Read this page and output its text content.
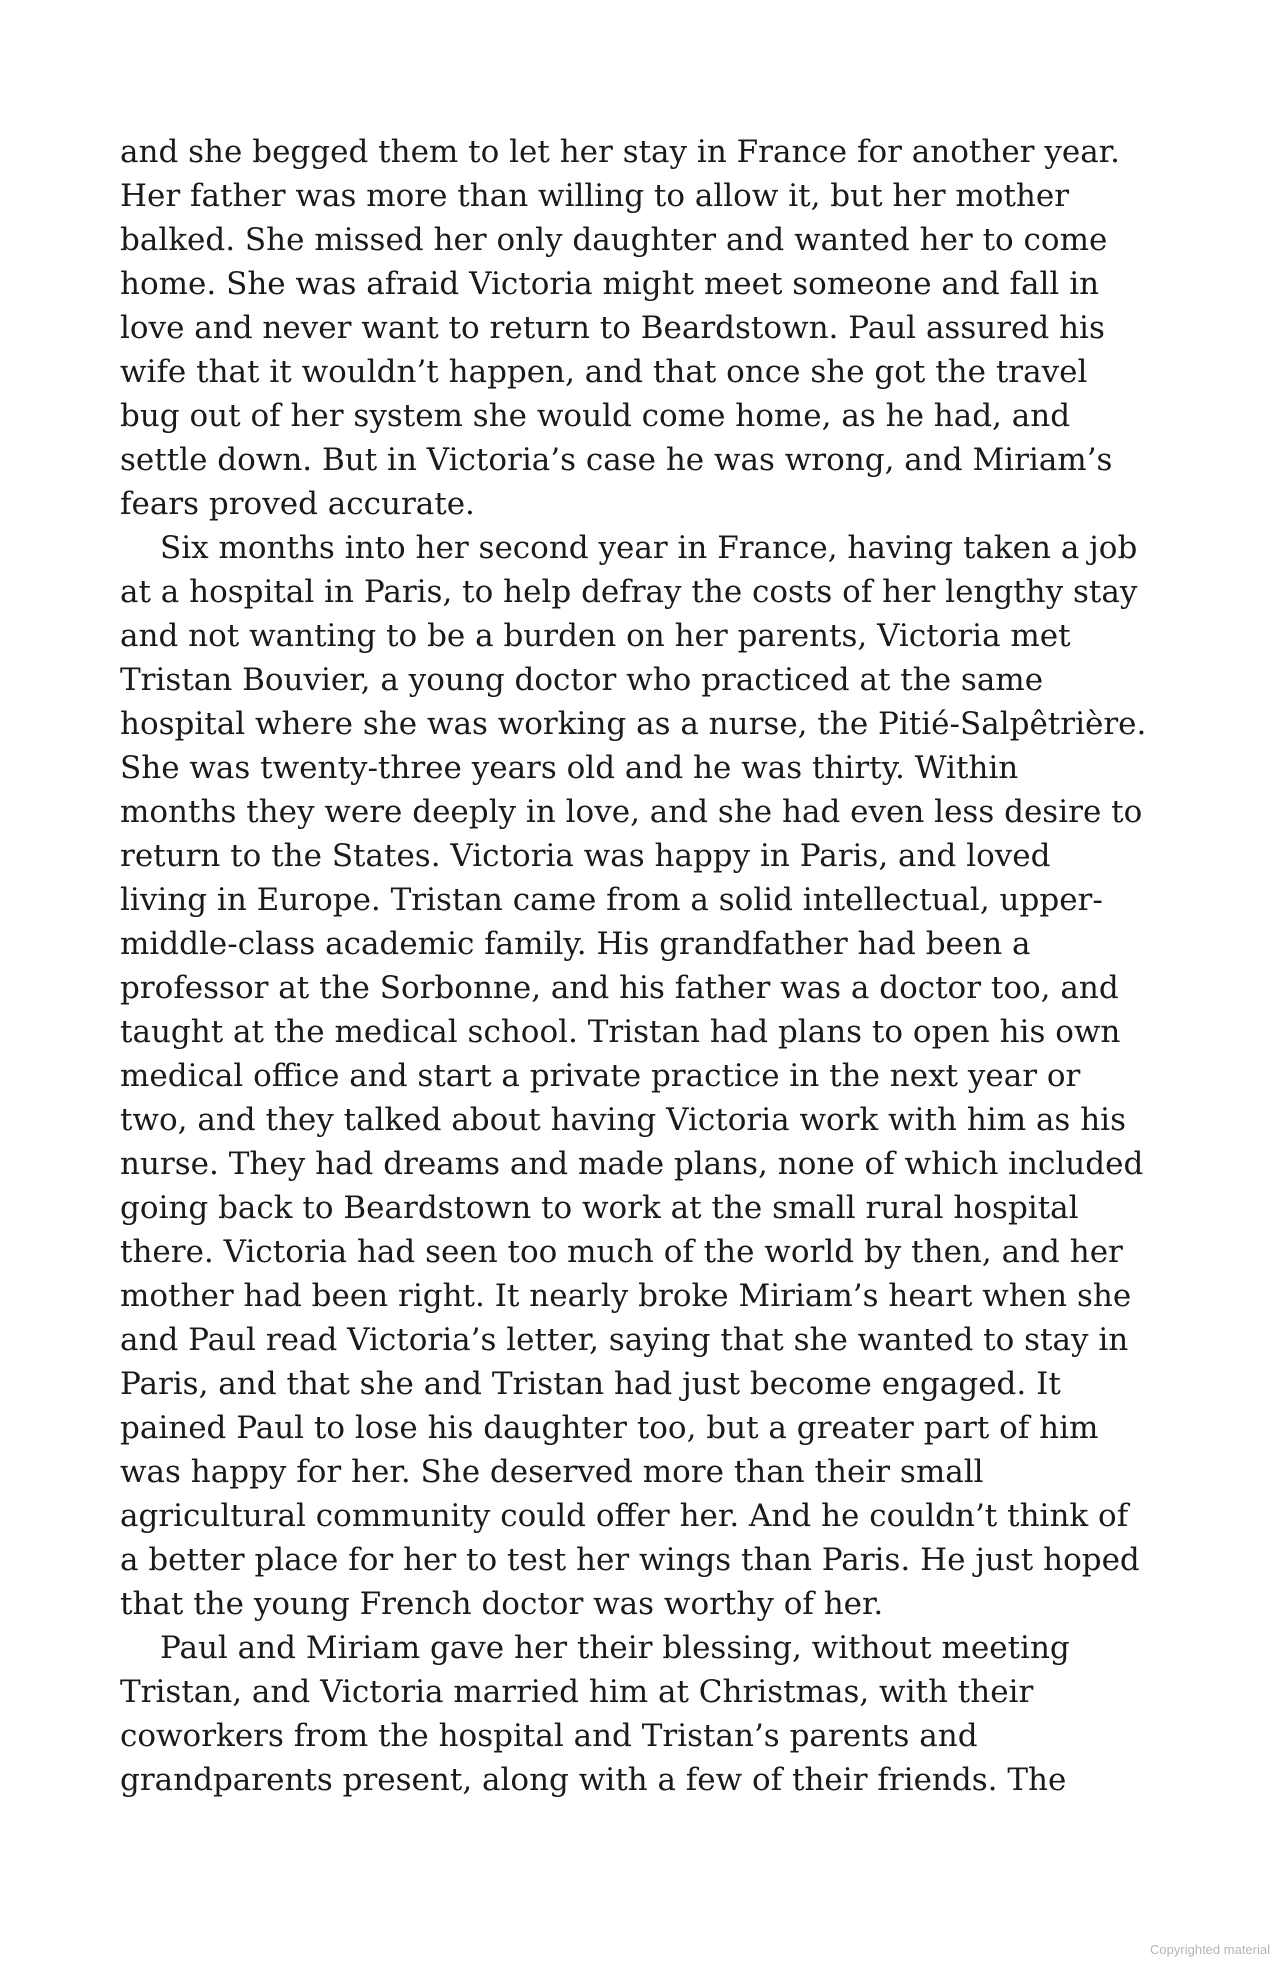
and she begged them to let her stay in France for another year.
Her father was more than willing to allow it, but her mother
balked. She missed her only daughter and wanted her to come
home. She was afraid Victoria might meet someone and fall in
love and never want to return to Beardstown. Paul assured his
wife that it wouldn’t happen, and that once she got the travel
bug out of her system she would come home, as he had, and
settle down. But in Victoria’s case he was wrong, and Miriam’s
fears proved accurate.
Six months into her second year in France, having taken a job
at a hospital in Paris, to help defray the costs of her lengthy stay
and not wanting to be a burden on her parents, Victoria met
Tristan Bouvier, a young doctor who practiced at the same
hospital where she was working as a nurse, the Pitié-Salpêtrière.
She was twenty-three years old and he was thirty. Within
months they were deeply in love, and she had even less desire to
return to the States. Victoria was happy in Paris, and loved
living in Europe. Tristan came from a solid intellectual, upper-
middle-class academic family. His grandfather had been a
professor at the Sorbonne, and his father was a doctor too, and
taught at the medical school. Tristan had plans to open his own
medical office and start a private practice in the next year or
two, and they talked about having Victoria work with him as his
nurse. They had dreams and made plans, none of which included
going back to Beardstown to work at the small rural hospital
there. Victoria had seen too much of the world by then, and her
mother had been right. It nearly broke Miriam’s heart when she
and Paul read Victoria’s letter, saying that she wanted to stay in
Paris, and that she and Tristan had just become engaged. It
pained Paul to lose his daughter too, but a greater part of him
was happy for her. She deserved more than their small
agricultural community could offer her. And he couldn’t think of
a better place for her to test her wings than Paris. He just hoped
that the young French doctor was worthy of her.
Paul and Miriam gave her their blessing, without meeting
Tristan, and Victoria married him at Christmas, with their
coworkers from the hospital and Tristan’s parents and
grandparents present, along with a few of their friends. The
Copyrighted material
